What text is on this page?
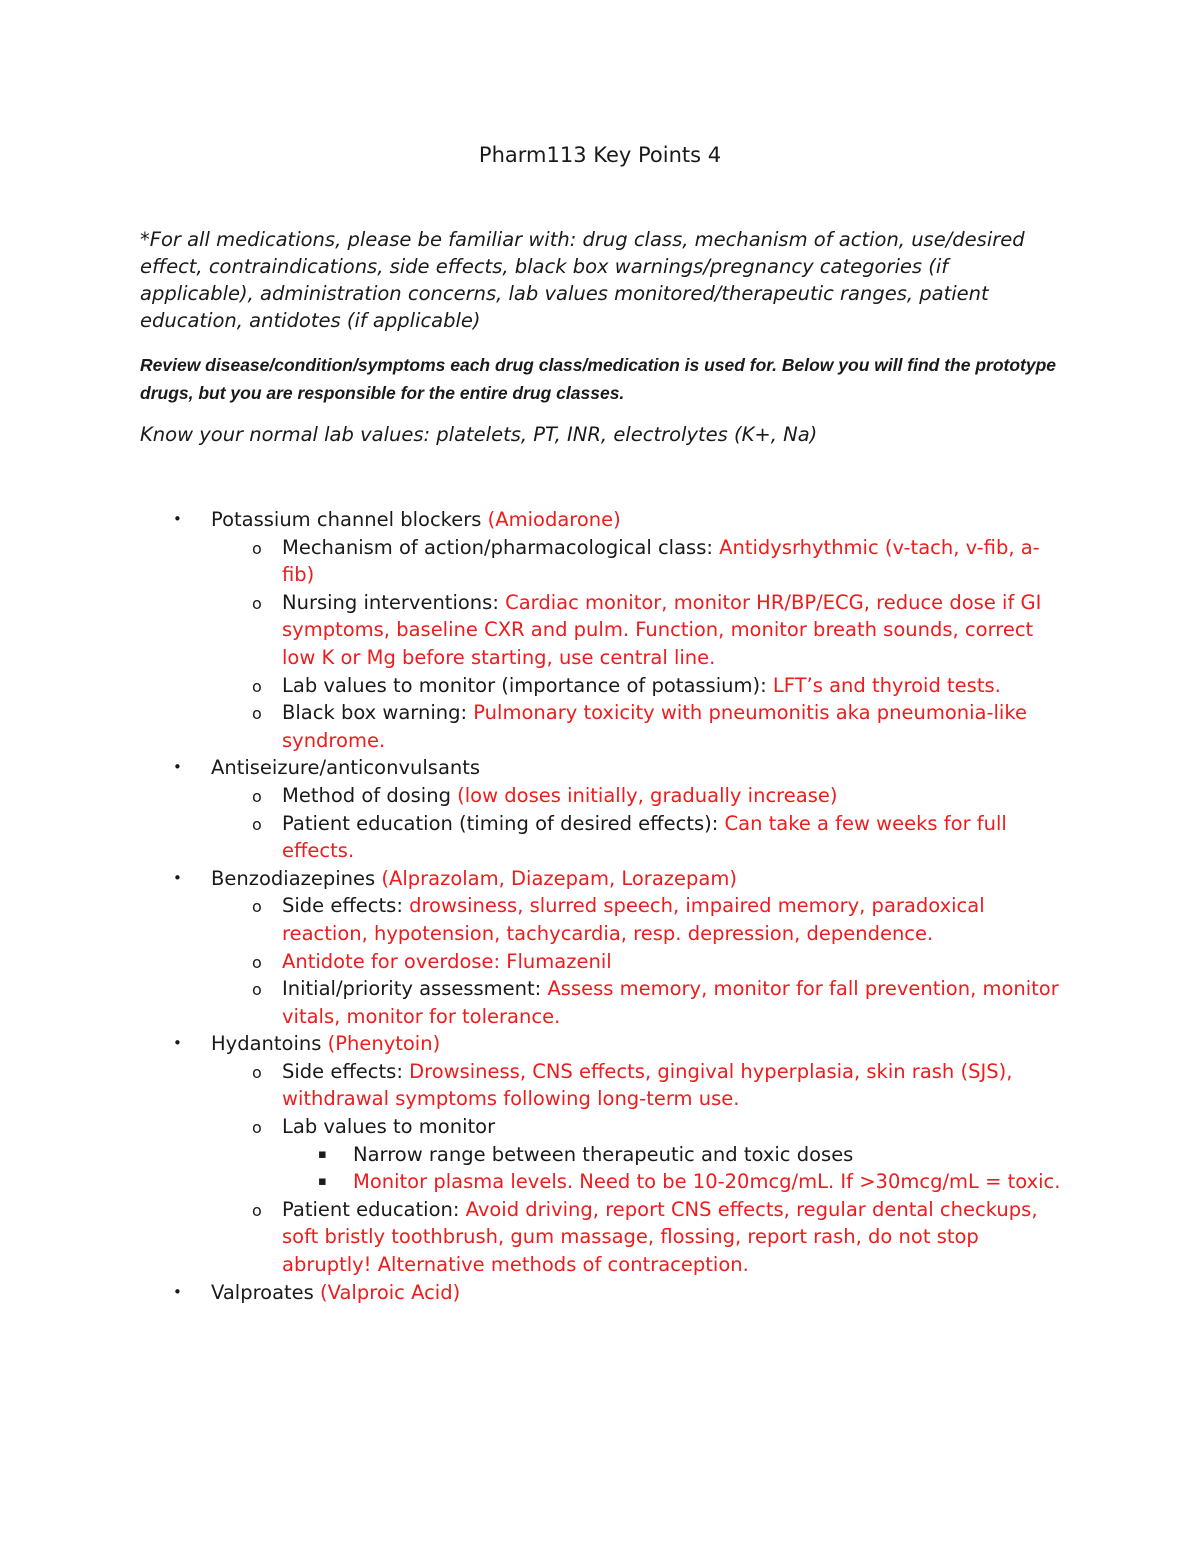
Pharm113 Key Points 4

*For all medications, please be familiar with: drug class, mechanism of action, use/desired effect, contraindications, side effects, black box warnings/pregnancy categories (if applicable), administration concerns, lab values monitored/therapeutic ranges, patient education, antidotes (if applicable)

Review disease/condition/symptoms each drug class/medication is used for. Below you will find the prototype drugs, but you are responsible for the entire drug classes.

Know your normal lab values: platelets, PT, INR, electrolytes (K+, Na)

• Potassium channel blockers (Amiodarone)
o Mechanism of action/pharmacological class: Antidysrhythmic (v-tach, v-fib, a-fib)
o Nursing interventions: Cardiac monitor, monitor HR/BP/ECG, reduce dose if GI symptoms, baseline CXR and pulm. Function, monitor breath sounds, correct low K or Mg before starting, use central line.
o Lab values to monitor (importance of potassium): LFT’s and thyroid tests.
o Black box warning: Pulmonary toxicity with pneumonitis aka pneumonia-like syndrome.
• Antiseizure/anticonvulsants
o Method of dosing (low doses initially, gradually increase)
o Patient education (timing of desired effects): Can take a few weeks for full effects.
• Benzodiazepines (Alprazolam, Diazepam, Lorazepam)
o Side effects: drowsiness, slurred speech, impaired memory, paradoxical reaction, hypotension, tachycardia, resp. depression, dependence.
o Antidote for overdose: Flumazenil
o Initial/priority assessment: Assess memory, monitor for fall prevention, monitor vitals, monitor for tolerance.
• Hydantoins (Phenytoin)
o Side effects: Drowsiness, CNS effects, gingival hyperplasia, skin rash (SJS), withdrawal symptoms following long-term use.
o Lab values to monitor
▪ Narrow range between therapeutic and toxic doses
▪ Monitor plasma levels. Need to be 10-20mcg/mL. If >30mcg/mL = toxic.
o Patient education: Avoid driving, report CNS effects, regular dental checkups, soft bristly toothbrush, gum massage, flossing, report rash, do not stop abruptly! Alternative methods of contraception.
• Valproates (Valproic Acid)
